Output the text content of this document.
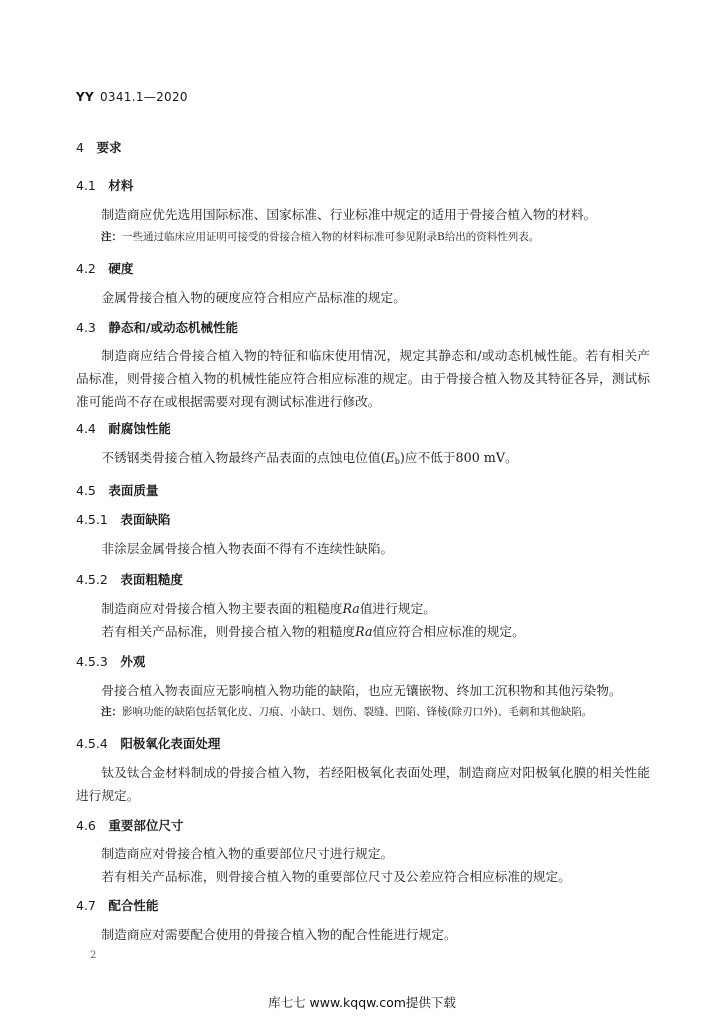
YY 0341.1—2020
4 要求
4.1 材料

制造商应优先选用国际标准、国家标准、行业标准中规定的适用于骨接合植入物的材料。

注：一些通过临床应用证明可接受的骨接合植入物的材料标准可参见附录B给出的资料性列表。
4.2 硬度

金属骨接合植入物的硬度应符合相应产品标准的规定。

4.3 静态和/或动态机械性能

制造商应结合骨接合植入物的特征和临床使用情况，规定其静态和/或动态机械性能。若有相关产品标准，则骨接合植入物的机械性能应符合相应标准的规定。由于骨接合植入物及其特征各异，测试标准可能尚不存在或根据需要对现有测试标准进行修改。

4.4 耐腐蚀性能

不锈钢类骨接合植入物最终产品表面的点蚀电位值$(E_b)$应不低于800 mV。

4.5 表面质量
4.5.1 表面缺陷

非涂层金属骨接合植入物表面不得有不连续性缺陷。

4.5.2 表面粗糙度

制造商应对骨接合植入物主要表面的粗糙度Ra值进行规定。

若有相关产品标准，则骨接合植入物的粗糙度Ra值应符合相应标准的规定。

4.5.3 外观

骨接合植入物表面应无影响植入物功能的缺陷，也应无镶嵌物、终加工沉积物和其他污染物。

注：影响功能的缺陷包括氧化皮、刀痕、小缺口、划伤、裂缝、凹陷、锋棱(除刃口外)、毛刺和其他缺陷。
4.5.4 阳极氧化表面处理

钛及钛合金材料制成的骨接合植入物，若经阳极氧化表面处理，制造商应对阳极氧化膜的相关性能进行规定。

4.6 重要部位尺寸

制造商应对骨接合植入物的重要部位尺寸进行规定。

若有相关产品标准，则骨接合植入物的重要部位尺寸及公差应符合相应标准的规定。

4.7 配合性能

制造商应对需要配合使用的骨接合植入物的配合性能进行规定。

2
库七七 www.kqqw.com提供下载
